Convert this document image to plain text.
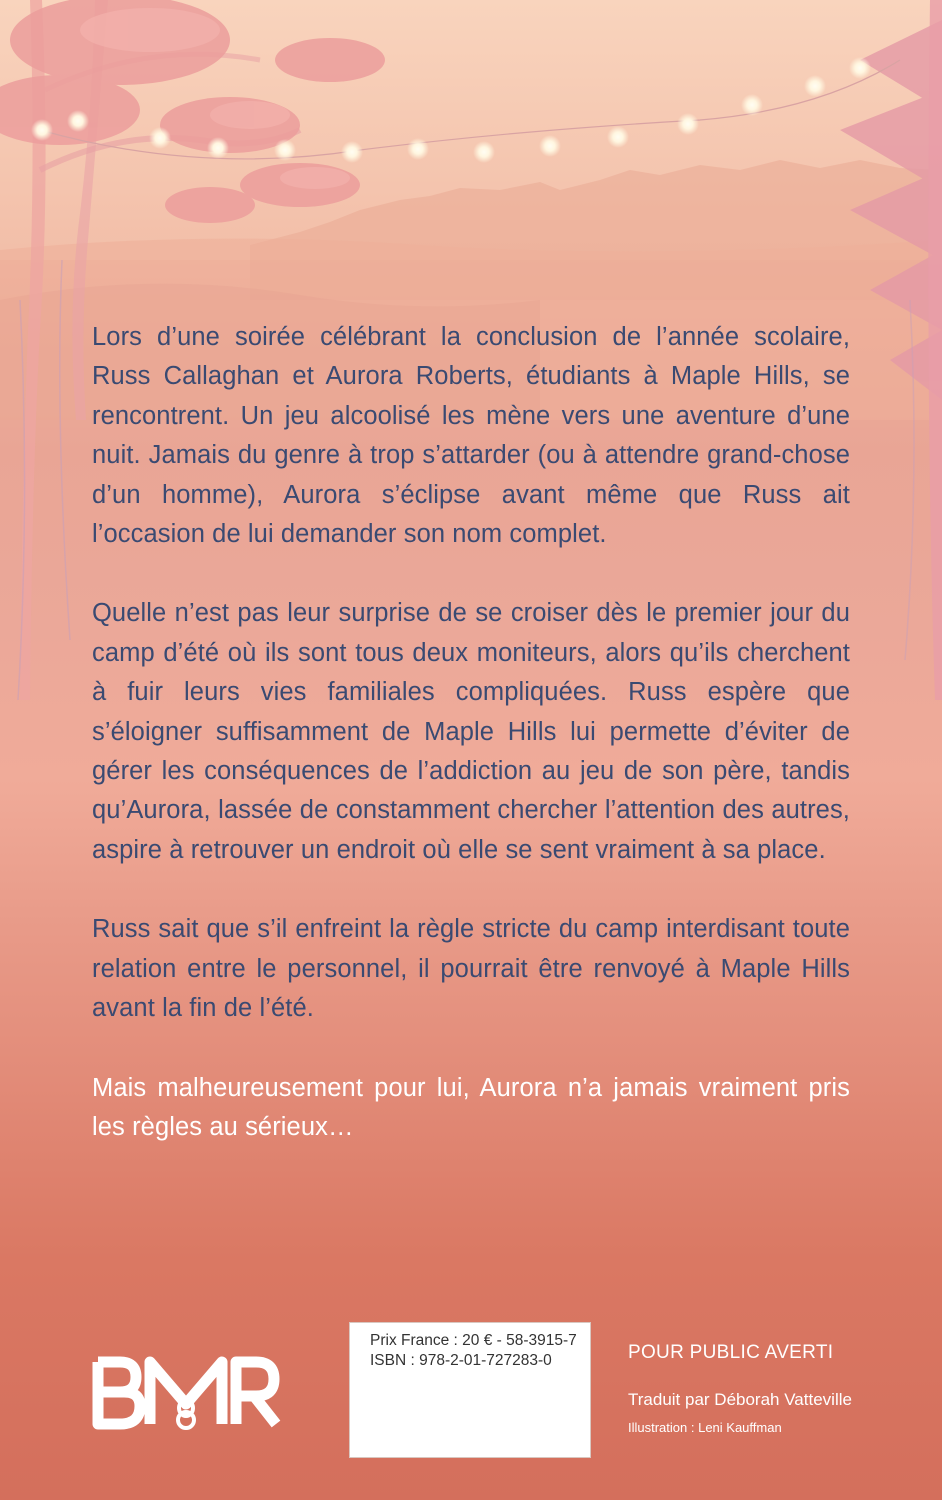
Lors d’une soirée célébrant la conclusion de l’année scolaire, Russ Callaghan et Aurora Roberts, étudiants à Maple Hills, se rencontrent. Un jeu alcoolisé les mène vers une aventure d’une nuit. Jamais du genre à trop s’attarder (ou à attendre grand-chose d’un homme), Aurora s’éclipse avant même que Russ ait l’occasion de lui demander son nom complet.

Quelle n’est pas leur surprise de se croiser dès le premier jour du camp d’été où ils sont tous deux moniteurs, alors qu’ils cherchent à fuir leurs vies familiales compliquées. Russ espère que s’éloigner suffisamment de Maple Hills lui permette d’éviter de gérer les conséquences de l’addiction au jeu de son père, tandis qu’Aurora, lassée de constamment chercher l’attention des autres, aspire à retrouver un endroit où elle se sent vraiment à sa place.

Russ sait que s’il enfreint la règle stricte du camp interdisant toute relation entre le personnel, il pourrait être renvoyé à Maple Hills avant la fin de l’été.

Mais malheureusement pour lui, Aurora n’a jamais vraiment pris les règles au sérieux…

Prix France : 20 € - 58-3915-7
ISBN : 978-2-01-727283-0	POUR PUBLIC AVERTI
Traduit par Déborah Vatteville
Illustration : Leni Kauffman
